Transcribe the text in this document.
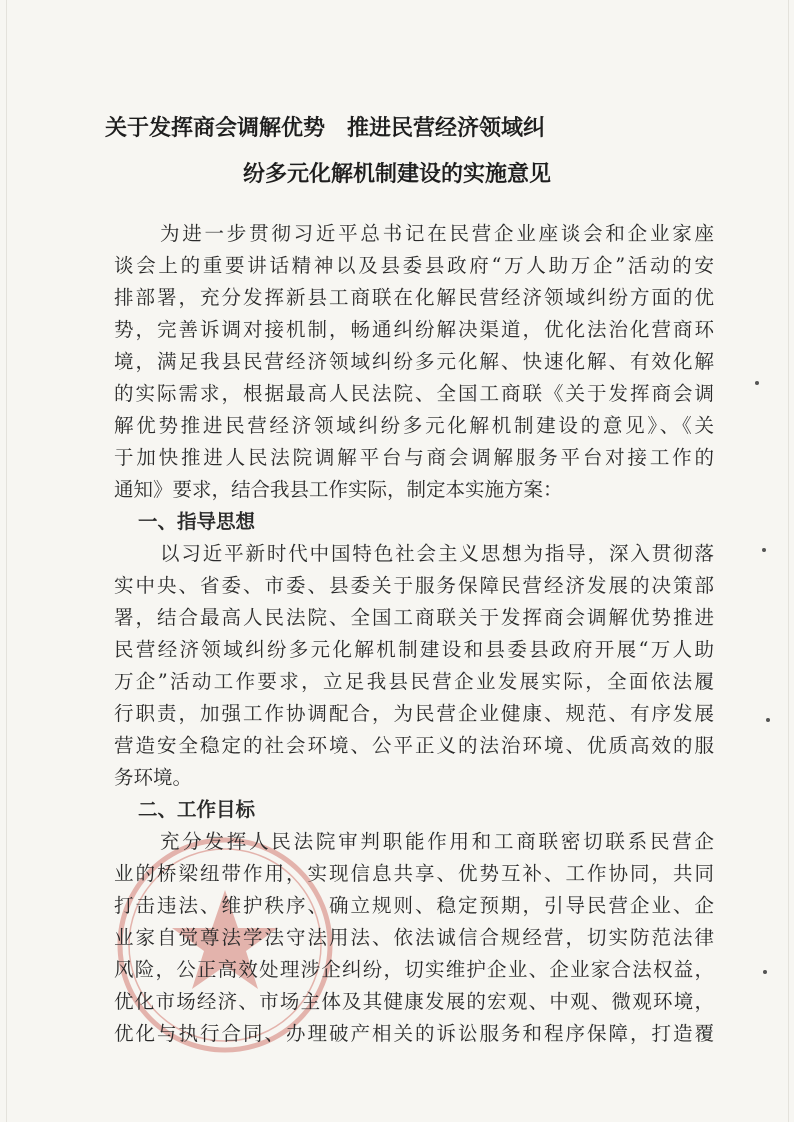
关于发挥商会调解优势　推进民营经济领域纠
纷多元化解机制建设的实施意见
为进一步贯彻习近平总书记在民营企业座谈会和企业家座
谈会上的重要讲话精神以及县委县政府“万人助万企”活动的安
排部署，充分发挥新县工商联在化解民营经济领域纠纷方面的优
势，完善诉调对接机制，畅通纠纷解决渠道，优化法治化营商环
境，满足我县民营经济领域纠纷多元化解、快速化解、有效化解
的实际需求，根据最高人民法院、全国工商联《关于发挥商会调
解优势推进民营经济领域纠纷多元化解机制建设的意见》、《关
于加快推进人民法院调解平台与商会调解服务平台对接工作的
通知》要求，结合我县工作实际，制定本实施方案：
一、指导思想
以习近平新时代中国特色社会主义思想为指导，深入贯彻落
实中央、省委、市委、县委关于服务保障民营经济发展的决策部
署，结合最高人民法院、全国工商联关于发挥商会调解优势推进
民营经济领域纠纷多元化解机制建设和县委县政府开展“万人助
万企”活动工作要求，立足我县民营企业发展实际，全面依法履
行职责，加强工作协调配合，为民营企业健康、规范、有序发展
营造安全稳定的社会环境、公平正义的法治环境、优质高效的服
务环境。
二、工作目标
充分发挥人民法院审判职能作用和工商联密切联系民营企
业的桥梁纽带作用，实现信息共享、优势互补、工作协同，共同
打击违法、维护秩序、确立规则、稳定预期，引导民营企业、企
业家自觉尊法学法守法用法、依法诚信合规经营，切实防范法律
风险，公正高效处理涉企纠纷，切实维护企业、企业家合法权益，
优化市场经济、市场主体及其健康发展的宏观、中观、微观环境，
优化与执行合同、办理破产相关的诉讼服务和程序保障，打造覆
